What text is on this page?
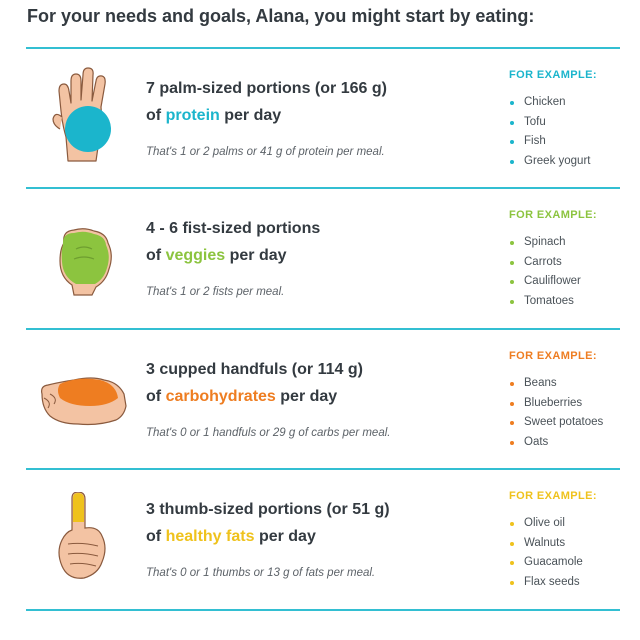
For your needs and goals, Alana, you might start by eating:
7 palm-sized portions (or 166 g)
of protein per day
That's 1 or 2 palms or 41 g of protein per meal.
FOR EXAMPLE:
Chicken
Tofu
Fish
Greek yogurt
4 - 6 fist-sized portions
of veggies per day
That's 1 or 2 fists per meal.
FOR EXAMPLE:
Spinach
Carrots
Cauliflower
Tomatoes
3 cupped handfuls (or 114 g)
of carbohydrates per day
That's 0 or 1 handfuls or 29 g of carbs per meal.
FOR EXAMPLE:
Beans
Blueberries
Sweet potatoes
Oats
3 thumb-sized portions (or 51 g)
of healthy fats per day
That's 0 or 1 thumbs or 13 g of fats per meal.
FOR EXAMPLE:
Olive oil
Walnuts
Guacamole
Flax seeds
